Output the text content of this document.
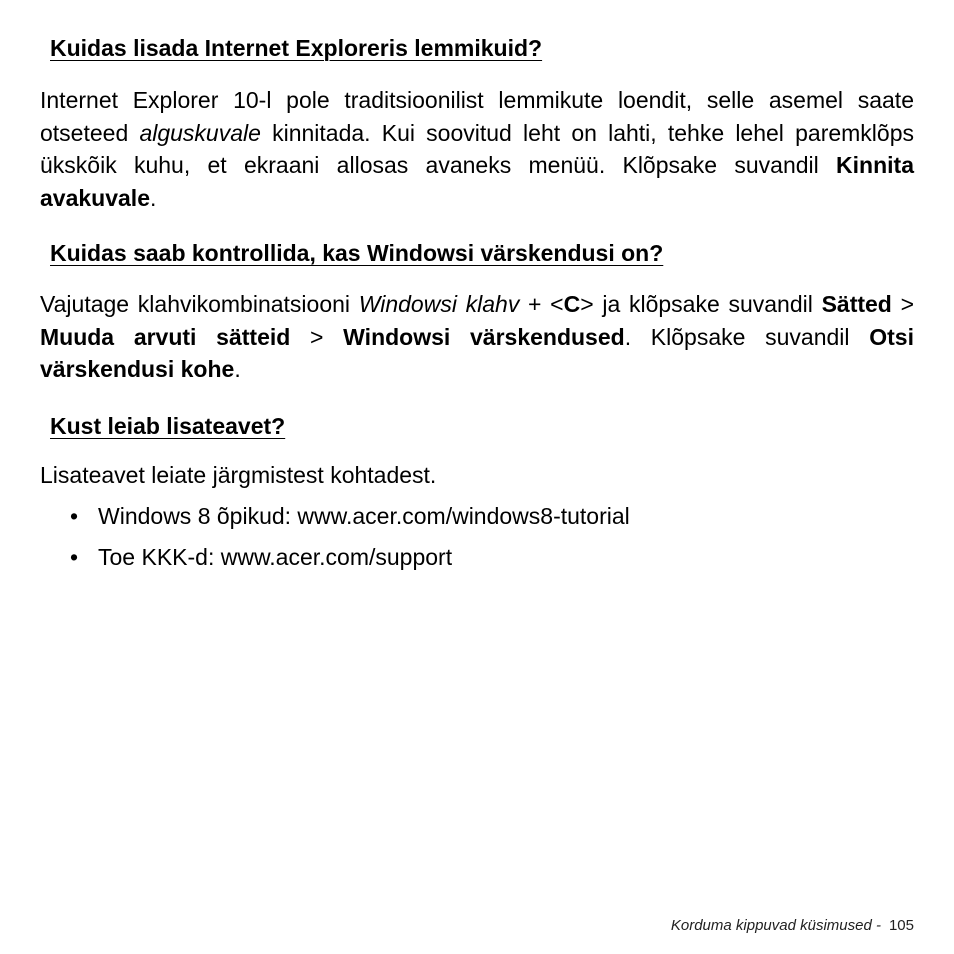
Kuidas lisada Internet Exploreris lemmikuid?

Internet Explorer 10-l pole traditsioonilist lemmikute loendit, selle asemel saate otseteed alguskuvale kinnitada. Kui soovitud leht on lahti, tehke lehel paremklõps ükskõik kuhu, et ekraani allosas avaneks menüü. Klõpsake suvandil Kinnita avakuvale.

Kuidas saab kontrollida, kas Windowsi värskendusi on?

Vajutage klahvikombinatsiooni Windowsi klahv + <C> ja klõpsake suvandil Sätted > Muuda arvuti sätteid > Windowsi värskendused. Klõpsake suvandil Otsi värskendusi kohe.

Kust leiab lisateavet?

Lisateavet leiate järgmistest kohtadest.

• Windows 8 õpikud: www.acer.com/windows8-tutorial
• Toe KKK-d: www.acer.com/support
Korduma kippuvad küsimused - 105
